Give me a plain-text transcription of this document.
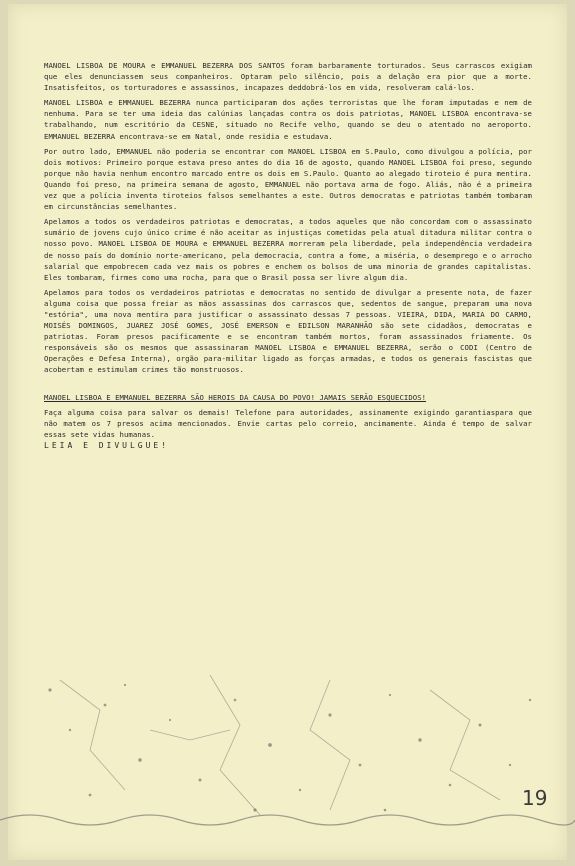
MANOEL LISBOA DE MOURA e EMMANUEL BEZERRA DOS SANTOS foram barbaramente torturados. Seus carrascos exigiam que eles denunciassem seus companheiros. Optaram pelo silêncio, pois a delação era pior que a morte. Insatisfeitos, os torturadores e assassinos, incapazes deddobrá-los em vida, resolveram calá-los.

MANOEL LISBOA e EMMANUEL BEZERRA nunca participaram dos ações terroristas que lhe foram imputadas e nem de nenhuma. Para se ter uma ideia das calúnias lançadas contra os dois patriotas, MANOEL LISBOA encontrava-se trabalhando, num escritório da CESNE, situado no Recife velho, quando se deu o atentado no aeroporto. EMMANUEL BEZERRA encontrava-se em Natal, onde residia e estudava.

Por outro lado, EMMANUEL não poderia se encontrar com MANOEL LISBOA em S.Paulo, como divulgou a polícia, por dois motivos: Primeiro porque estava preso antes do dia 16 de agosto, quando MANOEL LISBOA foi preso, segundo porque não havia nenhum encontro marcado entre os dois em S.Paulo. Quanto ao alegado tiroteio é pura mentira. Quando foi preso, na primeira semana de agosto, EMMANUEL não portava arma de fogo. Aliás, não é a primeira vez que a polícia inventa tiroteios falsos semelhantes a este. Outros democratas e patriotas também tombaram em circunstâncias semelhantes.

Apelamos a todos os verdadeiros patriotas e democratas, a todos aqueles que não concordam com o assassinato sumário de jovens cujo único crime é não aceitar as injustiças cometidas pela atual ditadura militar contra o nosso povo. MANOEL LISBOA DE MOURA e EMMANUEL BEZERRA morreram pela liberdade, pela independência verdadeira de nosso país do domínio norte-americano, pela democracia, contra a fome, a miséria, o desemprego e o arrocho salarial que empobrecem cada vez mais os pobres e enchem os bolsos de uma minoria de grandes capitalistas. Eles tombaram, firmes como uma rocha, para que o Brasil possa ser livre algum dia.

Apelamos para todos os verdadeiros patriotas e democratas no sentido de divulgar a presente nota, de fazer alguma coisa que possa freiar as mãos assassinas dos carrascos que, sedentos de sangue, preparam uma nova "estória", uma nova mentira para justificar o assassinato dessas 7 pessoas. VIEIRA, DIDA, MARIA DO CARMO, MOISÉS DOMINGOS, JUAREZ JOSÉ GOMES, JOSÉ EMERSON e EDILSON MARANHÃO são sete cidadãos, democratas e patriotas. Foram presos pacificamente e se encontram também mortos, foram assassinados friamente. Os responsáveis são os mesmos que assassinaram MANOEL LISBOA e EMMANUEL BEZERRA, serão o CODI (Centro de Operações e Defesa Interna), orgão para-militar ligado as forças armadas, e todos os generais fascistas que acobertam e estimulam crimes tão monstruosos.

MANOEL LISBOA E EMMANUEL BEZERRA SÃO HEROIS DA CAUSA DO POVO! JAMAIS SERÃO ESQUECIDOS!

Faça alguma coisa para salvar os demais! Telefone para autoridades, assinamente exigindo garantiaspara que não matem os 7 presos acima mencionados. Envie cartas pelo correio, ancimamente. Ainda é tempo de salvar essas sete vidas humanas.

LEIA E DIVULGUE!

19
